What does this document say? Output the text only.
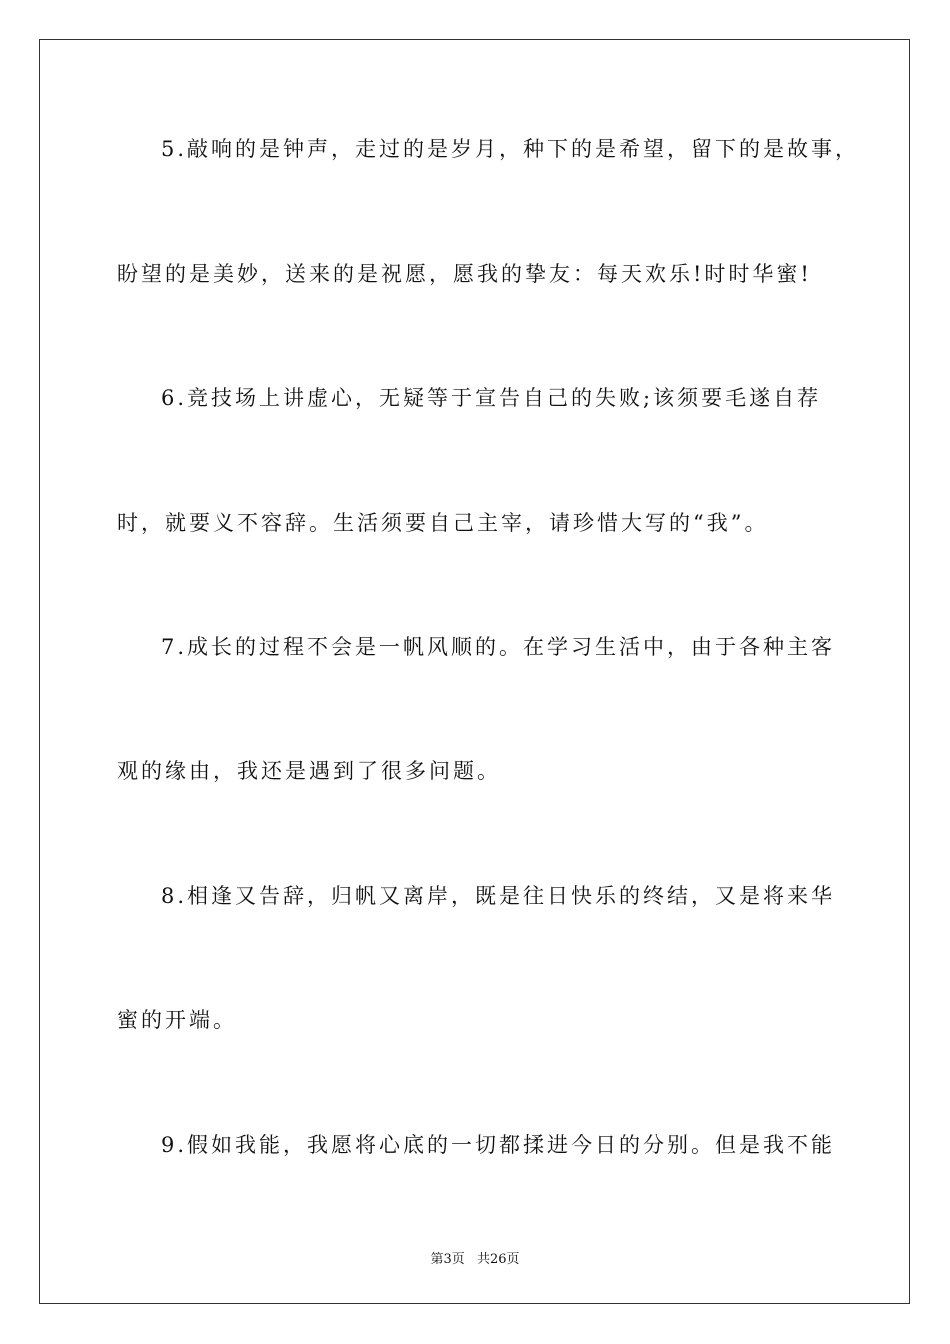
5.敲响的是钟声，走过的是岁月，种下的是希望，留下的是故事，
盼望的是美妙，送来的是祝愿，愿我的挚友：每天欢乐!时时华蜜!
6.竞技场上讲虚心，无疑等于宣告自己的失败;该须要毛遂自荐
时，就要义不容辞。生活须要自己主宰，请珍惜大写的“我”。
7.成长的过程不会是一帆风顺的。在学习生活中，由于各种主客
观的缘由，我还是遇到了很多问题。
8.相逢又告辞，归帆又离岸，既是往日快乐的终结，又是将来华
蜜的开端。
9.假如我能，我愿将心底的一切都揉进今日的分别。但是我不能
第3页 共26页
